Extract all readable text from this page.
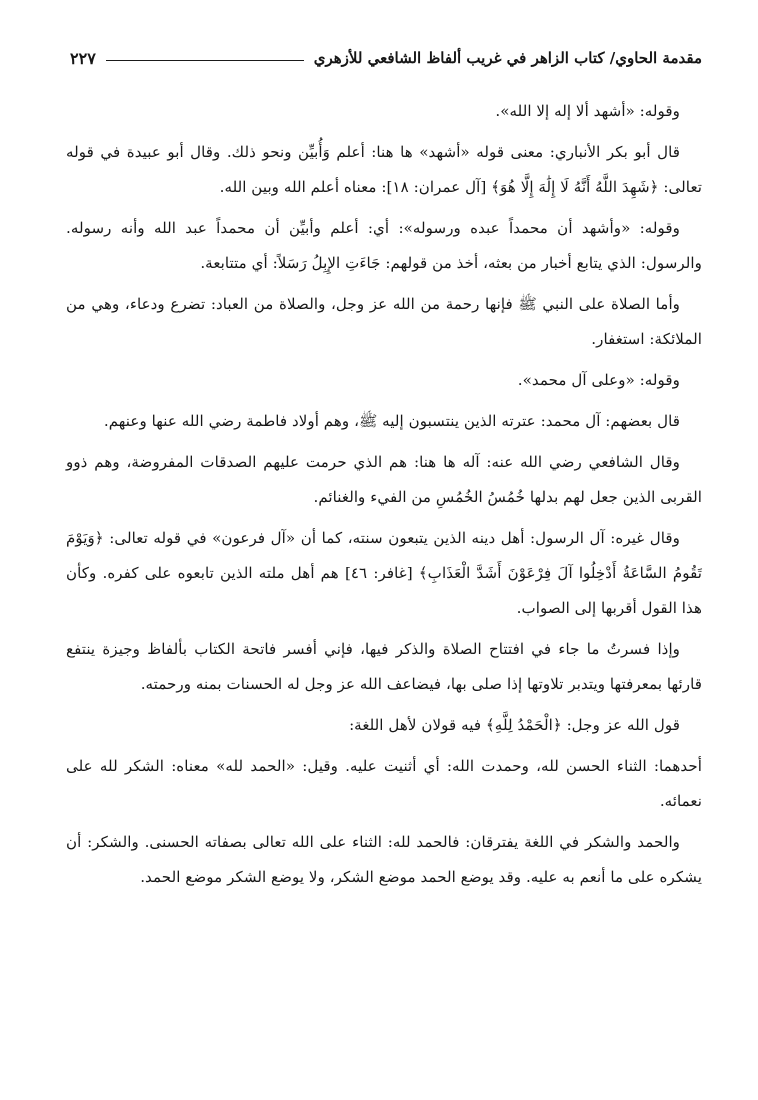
مقدمة الحاوي/ كتاب الزاهر في غريب ألفاظ الشافعي للأزهري
٢٢٧

وقوله: «أشهد ألا إله إلا الله».

قال أبو بكر الأنباري: معنى قوله «أشهد» ها هنا: أعلم وَأُبيِّن ونحو ذلك. وقال أبو عبيدة في قوله تعالى: ﴿شَهِدَ اللَّهُ أَنَّهُ لَا إِلَٰهَ إِلَّا هُوَ﴾ [آل عمران: ١٨]: معناه أعلم الله وبين الله.

وقوله: «وأشهد أن محمداً عبده ورسوله»: أي: أعلم وأبيِّن أن محمداً عبد الله وأنه رسوله. والرسول: الذي يتابع أخبار من بعثه، أخذ من قولهم: جَاءَتِ الإِبِلُ رَسَلاً: أي متتابعة.

وأما الصلاة على النبي ﷺ فإنها رحمة من الله عز وجل، والصلاة من العباد: تضرع ودعاء، وهي من الملائكة: استغفار.

وقوله: «وعلى آل محمد».

قال بعضهم: آل محمد: عترته الذين ينتسبون إليه ﷺ، وهم أولاد فاطمة رضي الله عنها وعنهم.

وقال الشافعي رضي الله عنه: آله ها هنا: هم الذي حرمت عليهم الصدقات المفروضة، وهم ذوو القربى الذين جعل لهم بدلها خُمُسُ الخُمُسِ من الفيء والغنائم.

وقال غيره: آل الرسول: أهل دينه الذين يتبعون سنته، كما أن «آل فرعون» في قوله تعالى: ﴿وَيَوْمَ تَقُومُ السَّاعَةُ أَدْخِلُوا آلَ فِرْعَوْنَ أَشَدَّ الْعَذَابِ﴾ [غافر: ٤٦] هم أهل ملته الذين تابعوه على كفره. وكأن هذا القول أقربها إلى الصواب.

وإذا فسرتُ ما جاء في افتتاح الصلاة والذكر فيها، فإني أفسر فاتحة الكتاب بألفاظ وجيزة ينتفع قارئها بمعرفتها ويتدبر تلاوتها إذا صلى بها، فيضاعف الله عز وجل له الحسنات بمنه ورحمته.

قول الله عز وجل: ﴿الْحَمْدُ لِلَّهِ﴾ فيه قولان لأهل اللغة:

أحدهما: الثناء الحسن لله، وحمدت الله: أي أثنيت عليه. وقيل: «الحمد لله» معناه: الشكر لله على نعمائه.

والحمد والشكر في اللغة يفترقان: فالحمد لله: الثناء على الله تعالى بصفاته الحسنى. والشكر: أن يشكره على ما أنعم به عليه. وقد يوضع الحمد موضع الشكر، ولا يوضع الشكر موضع الحمد.
